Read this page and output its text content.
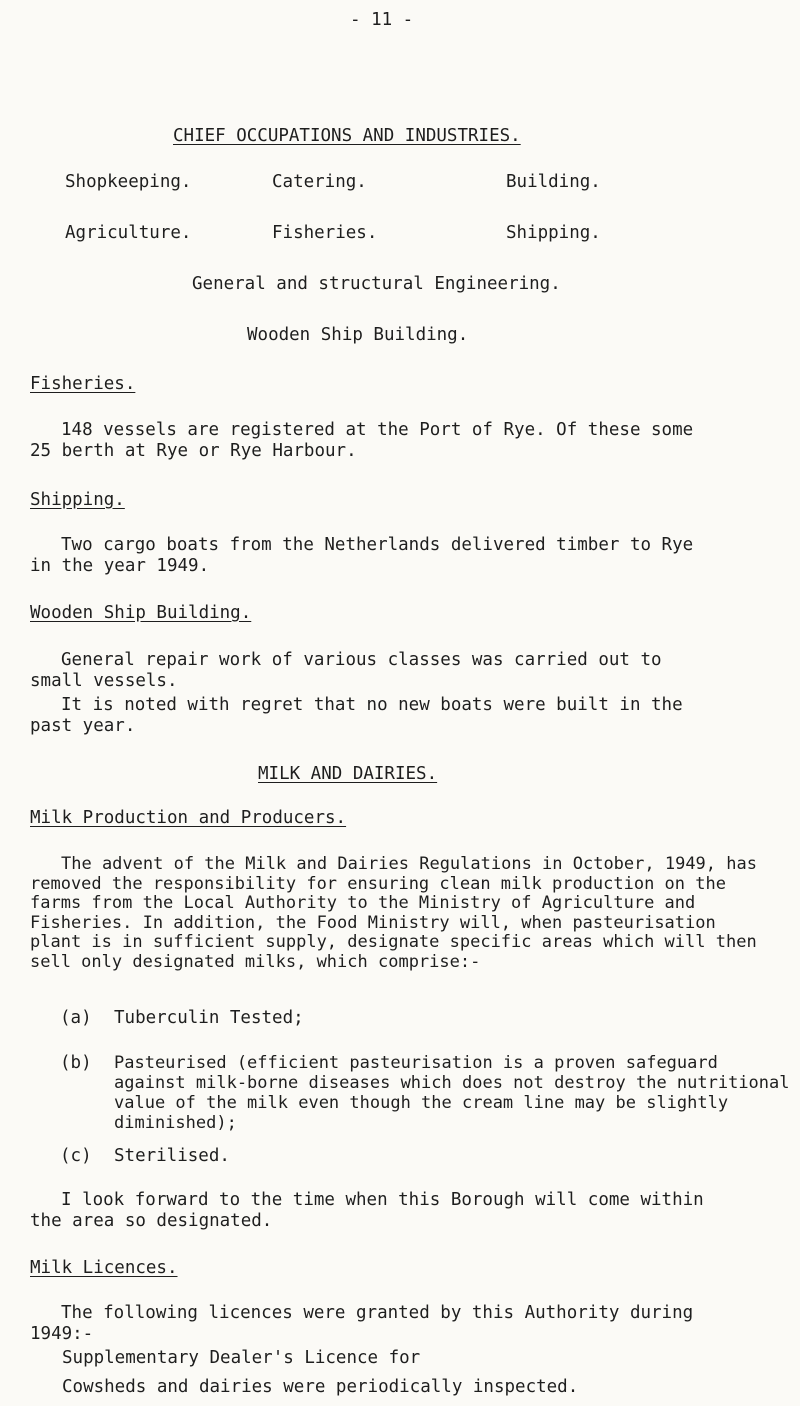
- 11 -
CHIEF OCCUPATIONS AND INDUSTRIES.
Shopkeeping.	Catering.	Building.
Agriculture.	Fisheries.	Shipping.
General and structural Engineering.
Wooden Ship Building.
Fisheries.
148 vessels are registered at the Port of Rye. Of these some 25 berth at Rye or Rye Harbour.
Shipping.
Two cargo boats from the Netherlands delivered timber to Rye in the year 1949.
Wooden Ship Building.
General repair work of various classes was carried out to small vessels.
It is noted with regret that no new boats were built in the past year.
MILK AND DAIRIES.
Milk Production and Producers.
The advent of the Milk and Dairies Regulations in October, 1949, has removed the responsibility for ensuring clean milk production on the farms from the Local Authority to the Ministry of Agriculture and Fisheries. In addition, the Food Ministry will, when pasteurisation plant is in sufficient supply, designate specific areas which will then sell only designated milks, which comprise:-
(a) Tuberculin Tested;
(b) Pasteurised (efficient pasteurisation is a proven safeguard against milk-borne diseases which does not destroy the nutritional value of the milk even though the cream line may be slightly diminished);
(c) Sterilised.
I look forward to the time when this Borough will come within the area so designated.
Milk Licences.
The following licences were granted by this Authority during 1949:-
Supplementary Dealer's Licence for
Cowsheds and dairies were periodically inspected.
